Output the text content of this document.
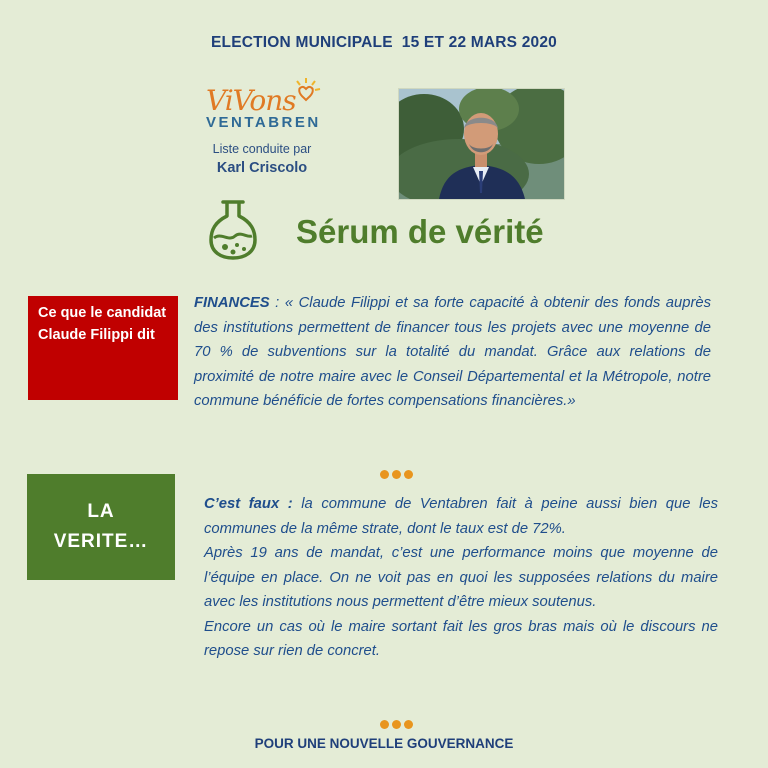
ELECTION MUNICIPALE  15 ET 22 MARS 2020
ViVons
VENTABREN
Liste conduite par
Karl Criscolo
Sérum de vérité
Ce que le candidat Claude Filippi dit
FINANCES : « Claude Filippi et sa forte capacité à obtenir des fonds auprès des institutions permettent de financer tous les projets avec une moyenne de 70 % de subventions sur la totalité du mandat. Grâce aux relations de proximité de notre maire avec le Conseil Départemental et la Métropole, notre commune bénéficie de fortes compensations financières.»
LA VERITE…

C’est faux : la commune de Ventabren fait à peine aussi bien que les communes de la même strate, dont le taux est de 72%.

Après 19 ans de mandat, c’est une performance moins que moyenne de l’équipe en place. On ne voit pas en quoi les supposées relations du maire avec les institutions nous permettent d’être mieux soutenus.

Encore un cas où le maire sortant fait les gros bras mais où le discours ne repose sur rien de concret.

POUR UNE NOUVELLE GOUVERNANCE
